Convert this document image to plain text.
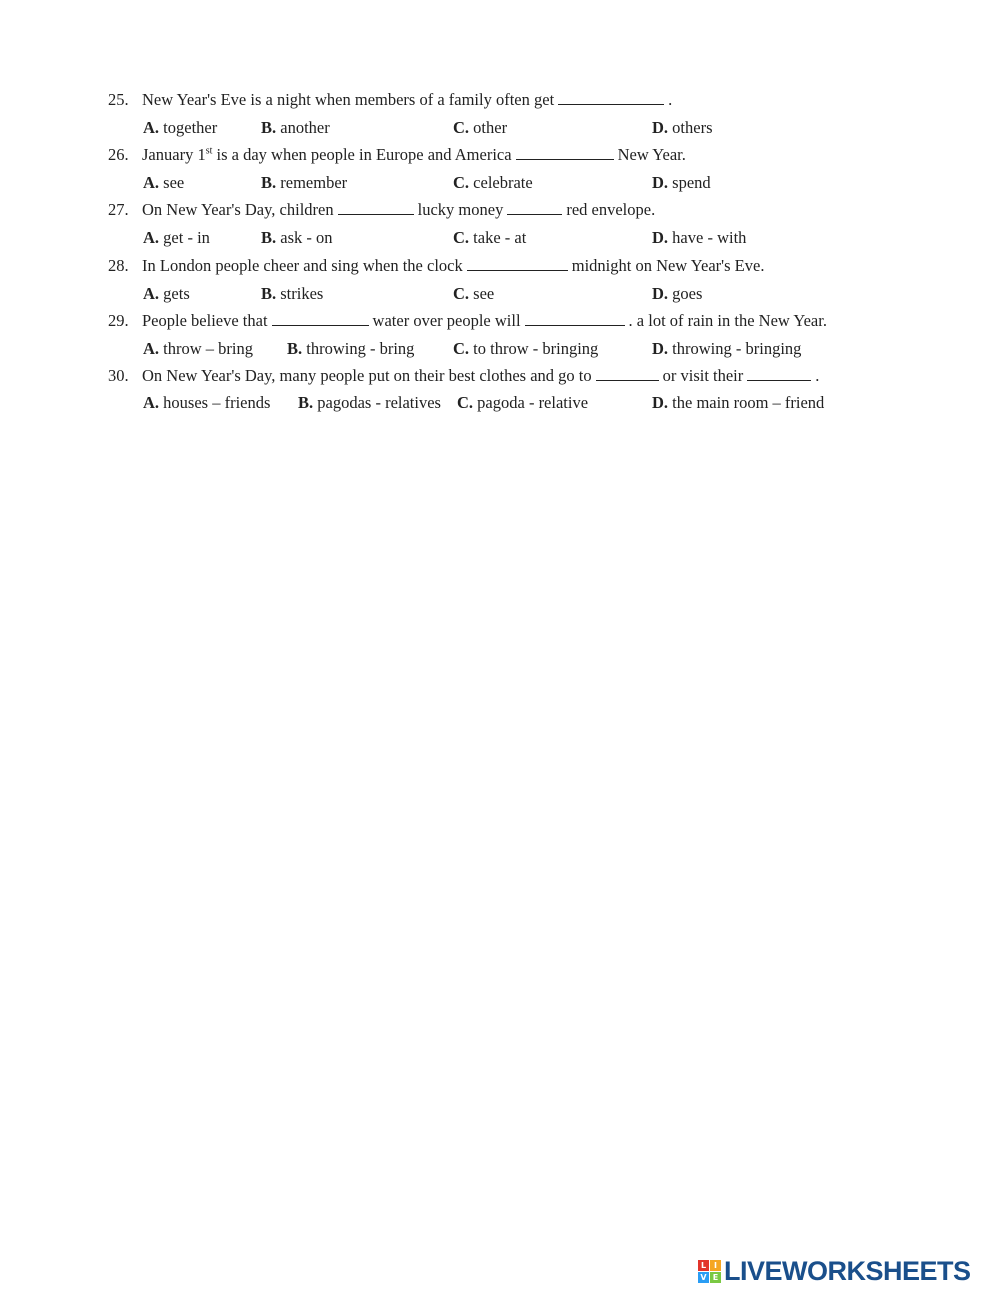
25. New Year's Eve is a night when members of a family often get	.
A. together	B. another	C. other	D. others
26. January 1st is a day when people in Europe and America	New Year.
A. see	B. remember	C. celebrate	D. spend
27. On New Year's Day, children	lucky money	red envelope.
A. get - in	B. ask - on	C. take - at	D. have - with
28. In London people cheer and sing when the clock	midnight on New Year's Eve.
A. gets	B. strikes	C. see	D. goes
29. People believe that	water over people will	. a lot of rain in the New Year.
A. throw – bring B. throwing - bring C. to throw - bringing	D. throwing - bringing
30. On New Year's Day, many people put on their best clothes and go to	or visit their	.
A. houses – friends B. pagodas - relatives C. pagoda - relative	D. the main room – friend
L I
V E LIVEWORKSHEETS
